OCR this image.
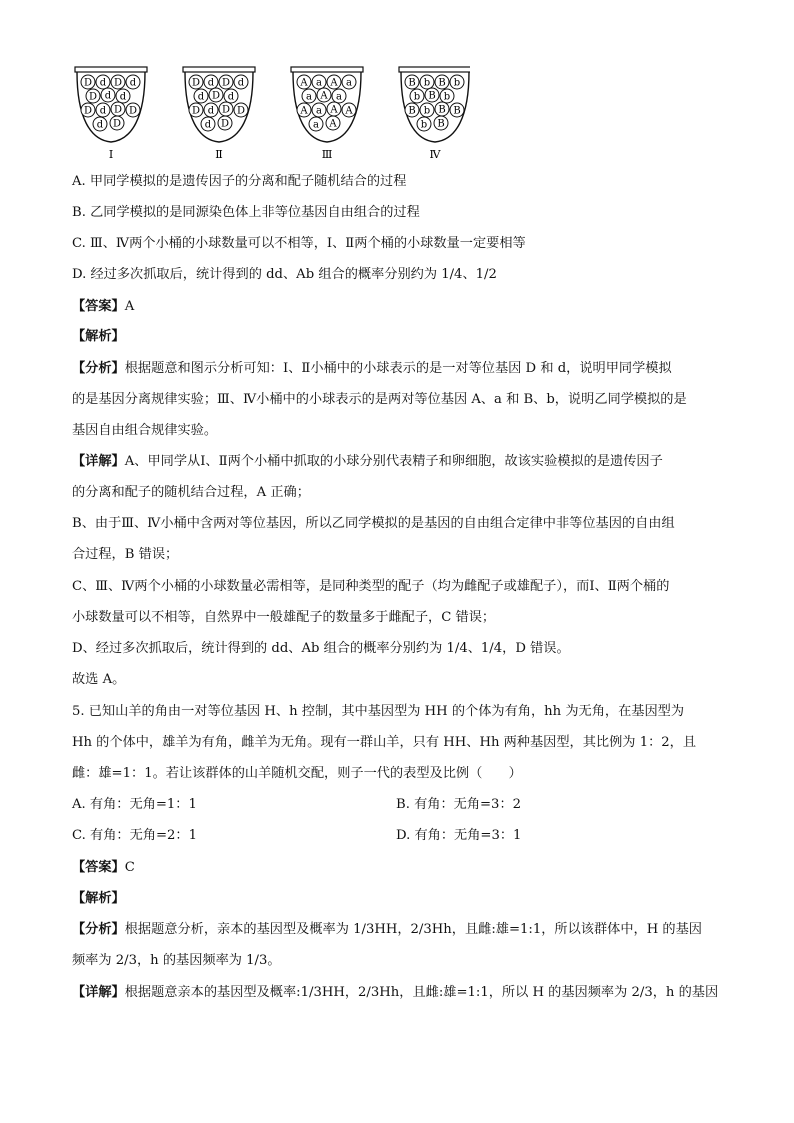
D d D d
D d d
D d D D
d D
Ⅰ
D d D d
d D d
D d D D
d D
Ⅱ
A a A a
a A a
A a A A
a A
Ⅲ
B b B b
b B b
B b B B
b B
Ⅳ
A. 甲同学模拟的是遗传因子的分离和配子随机结合的过程
B. 乙同学模拟的是同源染色体上非等位基因自由组合的过程
C. Ⅲ、Ⅳ两个小桶的小球数量可以不相等，Ⅰ、Ⅱ两个桶的小球数量一定要相等
D. 经过多次抓取后，统计得到的 dd、Ab 组合的概率分别约为 1/4、1/2
【答案】A
【解析】
【分析】根据题意和图示分析可知：Ⅰ、Ⅱ小桶中的小球表示的是一对等位基因 D 和 d，说明甲同学模拟
的是基因分离规律实验；Ⅲ、Ⅳ小桶中的小球表示的是两对等位基因 A、a 和 B、b，说明乙同学模拟的是
基因自由组合规律实验。
【详解】A、甲同学从Ⅰ、Ⅱ两个小桶中抓取的小球分别代表精子和卵细胞，故该实验模拟的是遗传因子
的分离和配子的随机结合过程，A 正确；
B、由于Ⅲ、Ⅳ小桶中含两对等位基因，所以乙同学模拟的是基因的自由组合定律中非等位基因的自由组
合过程，B 错误；
C、Ⅲ、Ⅳ两个小桶的小球数量必需相等，是同种类型的配子（均为雌配子或雄配子），而Ⅰ、Ⅱ两个桶的
小球数量可以不相等，自然界中一般雄配子的数量多于雌配子，C 错误；
D、经过多次抓取后，统计得到的 dd、Ab 组合的概率分别约为 1/4、1/4，D 错误。
故选 A。
5. 已知山羊的角由一对等位基因 H、h 控制，其中基因型为 HH 的个体为有角，hh 为无角，在基因型为
Hh 的个体中，雄羊为有角，雌羊为无角。现有一群山羊，只有 HH、Hh 两种基因型，其比例为 1：2，且
雌：雄=1：1。若让该群体的山羊随机交配，则子一代的表型及比例（　　）
A. 有角：无角=1：1	B. 有角：无角=3：2
C. 有角：无角=2：1	D. 有角：无角=3：1
【答案】C
【解析】
【分析】根据题意分析，亲本的基因型及概率为 1/3HH，2/3Hh，且雌:雄=1:1，所以该群体中，H 的基因
频率为 2/3，h 的基因频率为 1/3。
【详解】根据题意亲本的基因型及概率:1/3HH，2/3Hh，且雌:雄=1:1，所以 H 的基因频率为 2/3，h 的基因
